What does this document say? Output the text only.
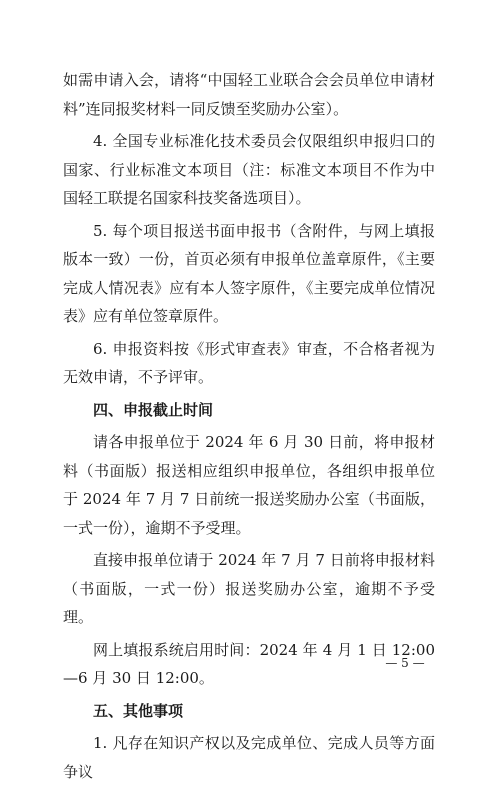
如需申请入会，请将“中国轻工业联合会会员单位申请材料”连同报奖材料一同反馈至奖励办公室）。

4. 全国专业标准化技术委员会仅限组织申报归口的国家、行业标准文本项目（注：标准文本项目不作为中国轻工联提名国家科技奖备选项目）。

5. 每个项目报送书面申报书（含附件，与网上填报版本一致）一份，首页必须有申报单位盖章原件，《主要完成人情况表》应有本人签字原件，《主要完成单位情况表》应有单位签章原件。

6. 申报资料按《形式审查表》审查，不合格者视为无效申请，不予评审。

四、申报截止时间

请各申报单位于 2024 年 6 月 30 日前，将申报材料（书面版）报送相应组织申报单位，各组织申报单位于 2024 年 7 月 7 日前统一报送奖励办公室（书面版，一式一份），逾期不予受理。

直接申报单位请于 2024 年 7 月 7 日前将申报材料（书面版，一式一份）报送奖励办公室，逾期不予受理。

网上填报系统启用时间：2024 年 4 月 1 日 12:00—6 月 30 日 12:00。

五、其他事项

1. 凡存在知识产权以及完成单位、完成人员等方面争议

— 5 —
